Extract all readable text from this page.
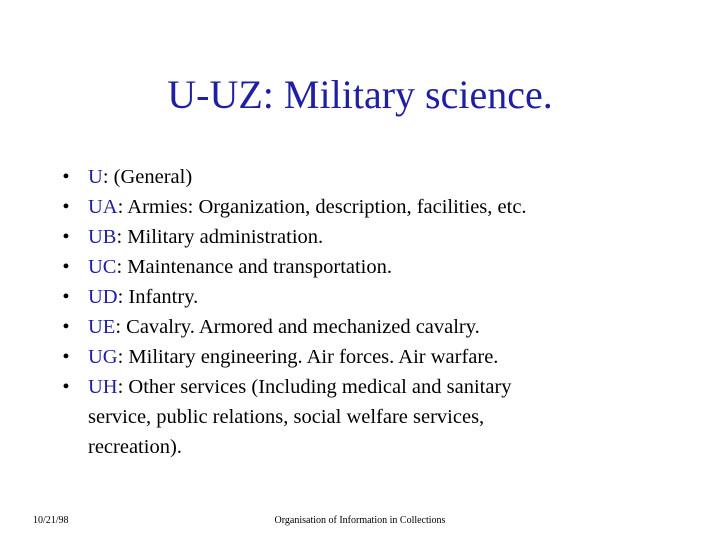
U-UZ: Military science.
• U: (General)
• UA: Armies: Organization, description, facilities, etc.
• UB: Military administration.
• UC: Maintenance and transportation.
• UD: Infantry.
• UE: Cavalry. Armored and mechanized cavalry.
• UG: Military engineering. Air forces. Air warfare.
• UH: Other services (Including medical and sanitary
service, public relations, social welfare services,
recreation).
10/21/98	Organisation of Information in Collections
